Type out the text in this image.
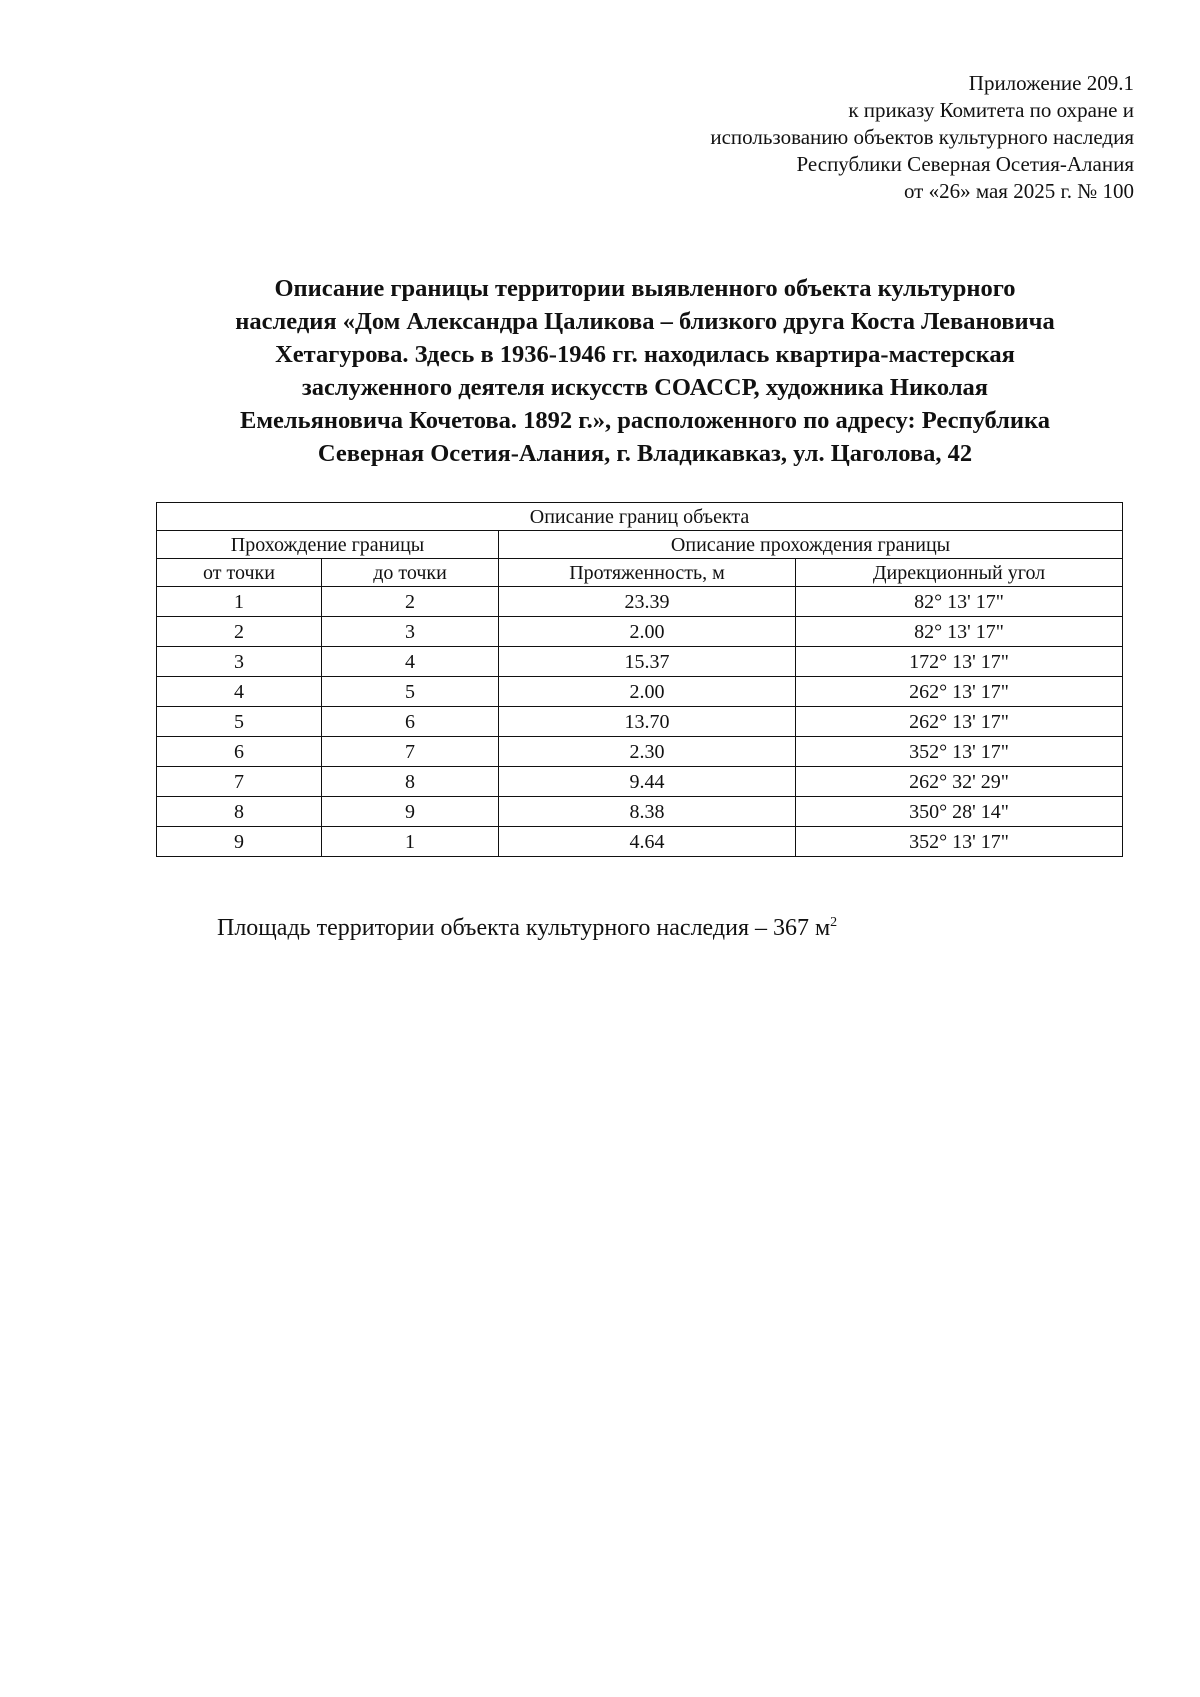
Приложение 209.1
к приказу Комитета по охране и
использованию объектов культурного наследия
Республики Северная Осетия-Алания
от «26» мая 2025 г. № 100
Описание границы территории выявленного объекта культурного
наследия «Дом Александра Цаликова – близкого друга Коста Левановича
Хетагурова. Здесь в 1936-1946 гг. находилась квартира-мастерская
заслуженного деятеля искусств СОАССР, художника Николая
Емельяновича Кочетова. 1892 г.», расположенного по адресу: Республика
Северная Осетия-Алания, г. Владикавказ, ул. Цаголова, 42
Описание границ объекта			
Прохождение границы		Описание прохождения границы	
от точки	до точки	Протяженность, м	Дирекционный угол
1	2	23.39	82° 13' 17"
2	3	2.00	82° 13' 17"
3	4	15.37	172° 13' 17"
4	5	2.00	262° 13' 17"
5	6	13.70	262° 13' 17"
6	7	2.30	352° 13' 17"
7	8	9.44	262° 32' 29"
8	9	8.38	350° 28' 14"
9	1	4.64	352° 13' 17"
Площадь территории объекта культурного наследия – 367 $м^2$
